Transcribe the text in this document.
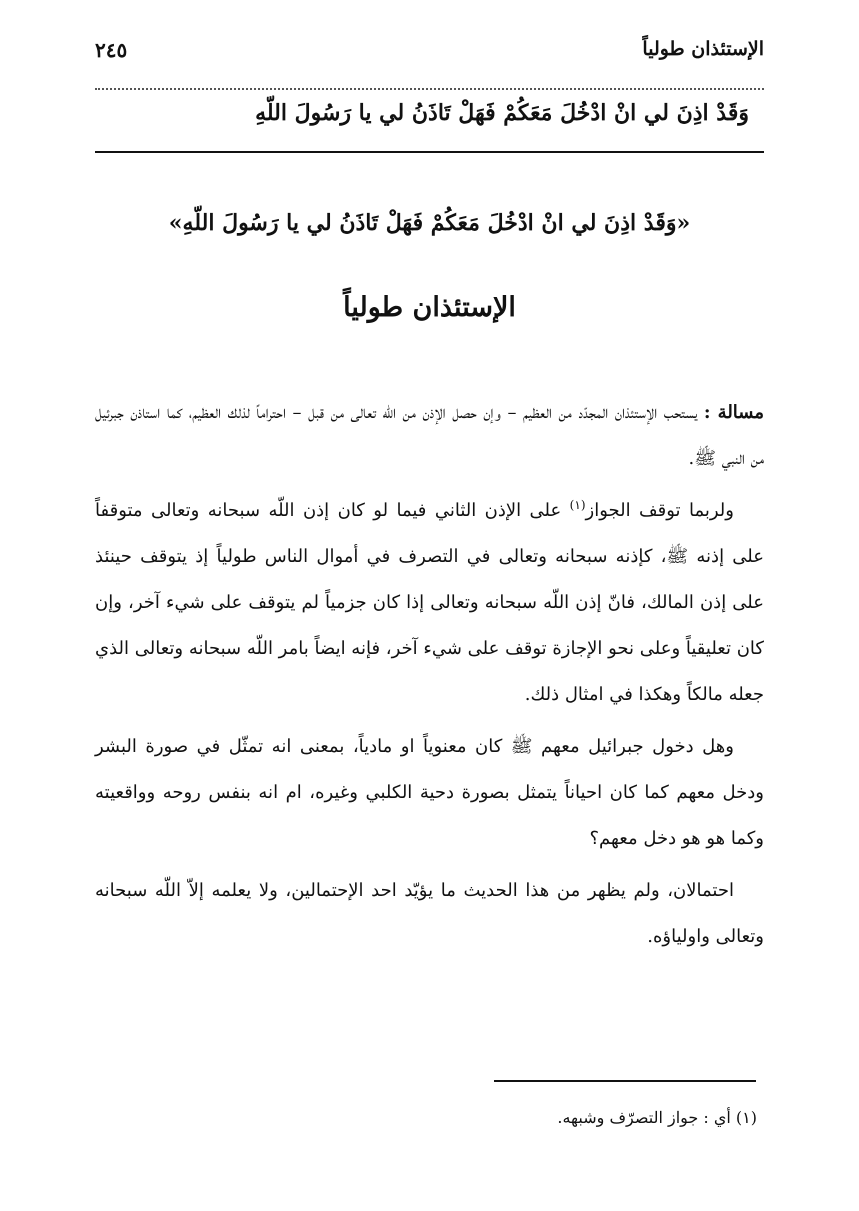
الإستئذان طولياً
٢٤٥
وَقَدْ اذِنَ لي انْ ادْخُلَ مَعَكُمْ فَهَلْ تَاذَنُ لي يا رَسُولَ اللّهِ
«وَقَدْ اذِنَ لي انْ ادْخُلَ مَعَكُمْ فَهَلْ تَاذَنُ لي يا رَسُولَ اللّهِ»
الإستئذان طولياً

مسالة : يستحب الإستئذان المجدّد من العظيم – وإن حصل الإذن من اللّه تعالى من قبل – احتراماً لذلك العظيم، كما استاذن جبرئيل من النبي ﷺ.

ولربما توقف الجواز$^{(١)}$ على الإذن الثاني فيما لو كان إذن اللّه سبحانه وتعالى متوقفاً على إذنه ﷺ، كإذنه سبحانه وتعالى في التصرف في أموال الناس طولياً إذ يتوقف حينئذ على إذن المالك، فانّ إذن اللّه سبحانه وتعالى إذا كان جزمياً لم يتوقف على شيء آخر، وإن كان تعليقياً وعلى نحو الإجازة توقف على شيء آخر، فإنه ايضاً بامر اللّه سبحانه وتعالى الذي جعله مالكاً وهكذا في امثال ذلك.

وهل دخول جبرائيل معهم ﷺ كان معنوياً او مادياً، بمعنى انه تمثّل في صورة البشر ودخل معهم كما كان احياناً يتمثل بصورة دحية الكلبي وغيره، ام انه بنفس روحه وواقعيته وكما هو هو دخل معهم؟

احتمالان، ولم يظهر من هذا الحديث ما يؤيّد احد الإحتمالين، ولا يعلمه إلاّ اللّه سبحانه وتعالى واولياؤه.

(١) أي : جواز التصرّف وشبهه.
